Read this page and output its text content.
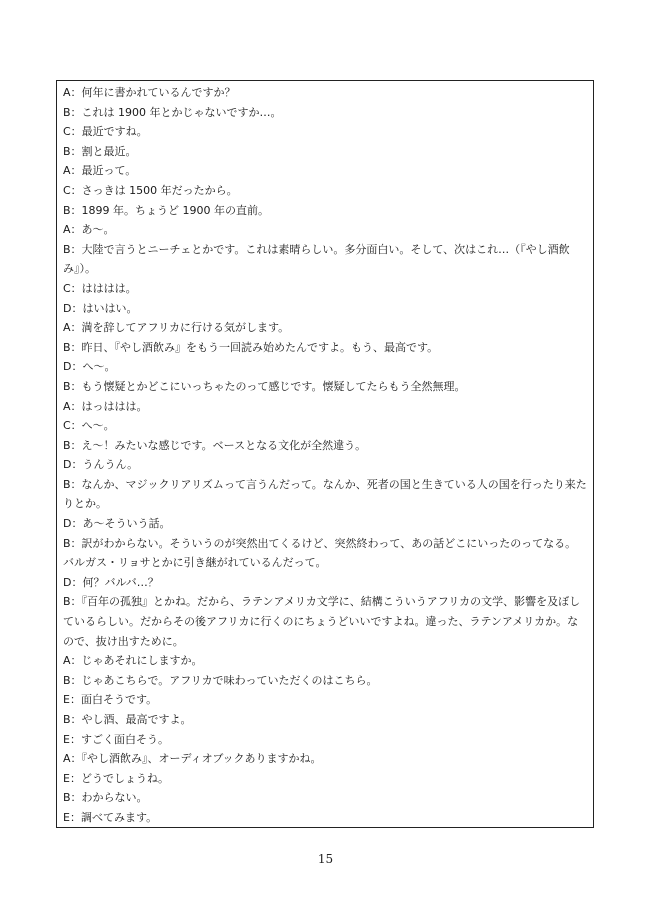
A：何年に書かれているんですか？
B：これは 1900 年とかじゃないですか…。
C：最近ですね。
B：割と最近。
A：最近って。
C：さっきは 1500 年だったから。
B：1899 年。ちょうど 1900 年の直前。
A：あ〜。
B：大陸で言うとニーチェとかです。これは素晴らしい。多分面白い。そして、次はこれ…（『やし酒飲み』）。
C：はははは。
D：はいはい。
A：満を辞してアフリカに行ける気がします。
B：昨日、『やし酒飲み』をもう一回読み始めたんですよ。もう、最高です。
D：へ〜。
B：もう懐疑とかどこにいっちゃたのって感じです。懐疑してたらもう全然無理。
A：はっははは。
C：へ〜。
B：え〜！みたいな感じです。ベースとなる文化が全然違う。
D：うんうん。
B：なんか、マジックリアリズムって言うんだって。なんか、死者の国と生きている人の国を行ったり来たりとか。
D：あ〜そういう話。
B：訳がわからない。そういうのが突然出てくるけど、突然終わって、あの話どこにいったのってなる。バルガス・リョサとかに引き継がれているんだって。
D：何？バルバ…？
B：『百年の孤独』とかね。だから、ラテンアメリカ文学に、結構こういうアフリカの文学、影響を及ぼしているらしい。だからその後アフリカに行くのにちょうどいいですよね。違った、ラテンアメリカか。なので、抜け出すために。
A：じゃあそれにしますか。
B：じゃあこちらで。アフリカで味わっていただくのはこちら。
E：面白そうです。
B：やし酒、最高ですよ。
E：すごく面白そう。
A：『やし酒飲み』、オーディオブックありますかね。
E：どうでしょうね。
B：わからない。
E：調べてみます。
15
